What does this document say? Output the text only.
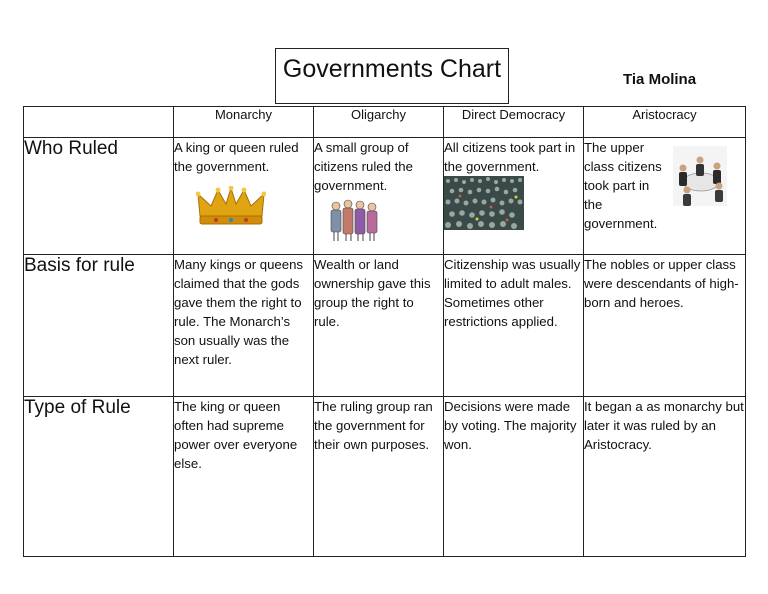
Governments Chart	Tia Molina
	Monarchy	Oligarchy	Direct Democracy	Aristocracy
Who Ruled	A king or queen ruled the government.	A small group of citizens ruled the government.	All citizens took part in the government.	The upper class citizens took part in the government.

Basis for rule	Many kings or queens claimed that the gods gave them the right to rule. The Monarch’s son usually was the next ruler.	Wealth or land ownership gave this group the right to rule.	Citizenship was usually limited to adult males. Sometimes other restrictions applied.	The nobles or upper class were descendants of high- born and heroes.
Type of Rule	The king or queen often had supreme power over everyone else.	The ruling group ran the government for their own purposes.	Decisions were made by voting. The majority won.	It began a as monarchy but later it was ruled by an Aristocracy.
